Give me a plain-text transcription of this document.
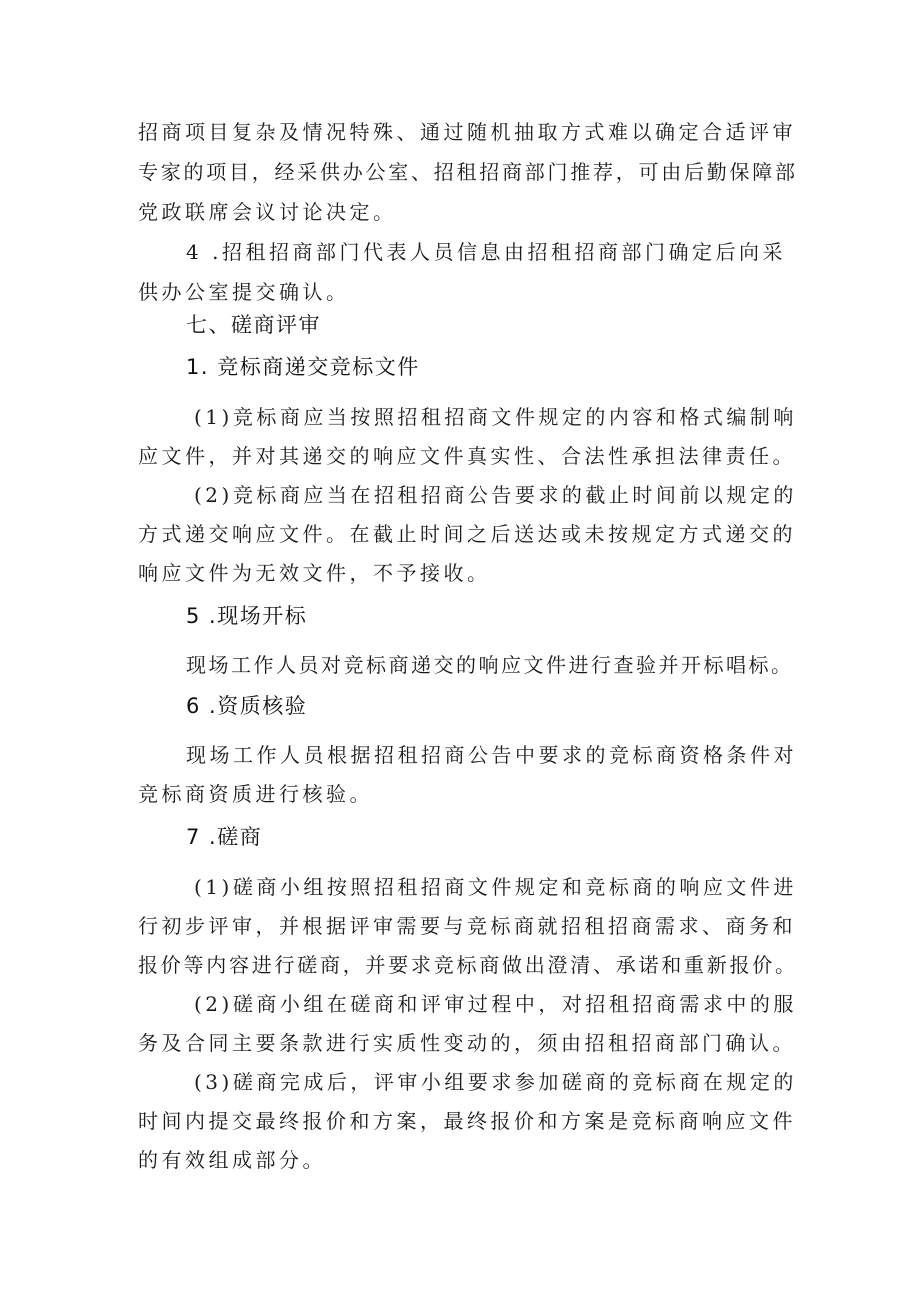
招商项目复杂及情况特殊、通过随机抽取方式难以确定合适评审
专家的项目，经采供办公室、招租招商部门推荐，可由后勤保障部
党政联席会议讨论决定。
4 .招租招商部门代表人员信息由招租招商部门确定后向采
供办公室提交确认。
七、磋商评审
1. 竞标商递交竞标文件
(1)竞标商应当按照招租招商文件规定的内容和格式编制响
应文件，并对其递交的响应文件真实性、合法性承担法律责任。
(2)竞标商应当在招租招商公告要求的截止时间前以规定的
方式递交响应文件。在截止时间之后送达或未按规定方式递交的
响应文件为无效文件，不予接收。
5 .现场开标
现场工作人员对竞标商递交的响应文件进行查验并开标唱标。
6 .资质核验
现场工作人员根据招租招商公告中要求的竞标商资格条件对
竞标商资质进行核验。
7 .磋商
(1)磋商小组按照招租招商文件规定和竞标商的响应文件进
行初步评审，并根据评审需要与竞标商就招租招商需求、商务和
报价等内容进行磋商，并要求竞标商做出澄清、承诺和重新报价。
(2)磋商小组在磋商和评审过程中，对招租招商需求中的服
务及合同主要条款进行实质性变动的，须由招租招商部门确认。
(3)磋商完成后，评审小组要求参加磋商的竞标商在规定的
时间内提交最终报价和方案，最终报价和方案是竞标商响应文件
的有效组成部分。
